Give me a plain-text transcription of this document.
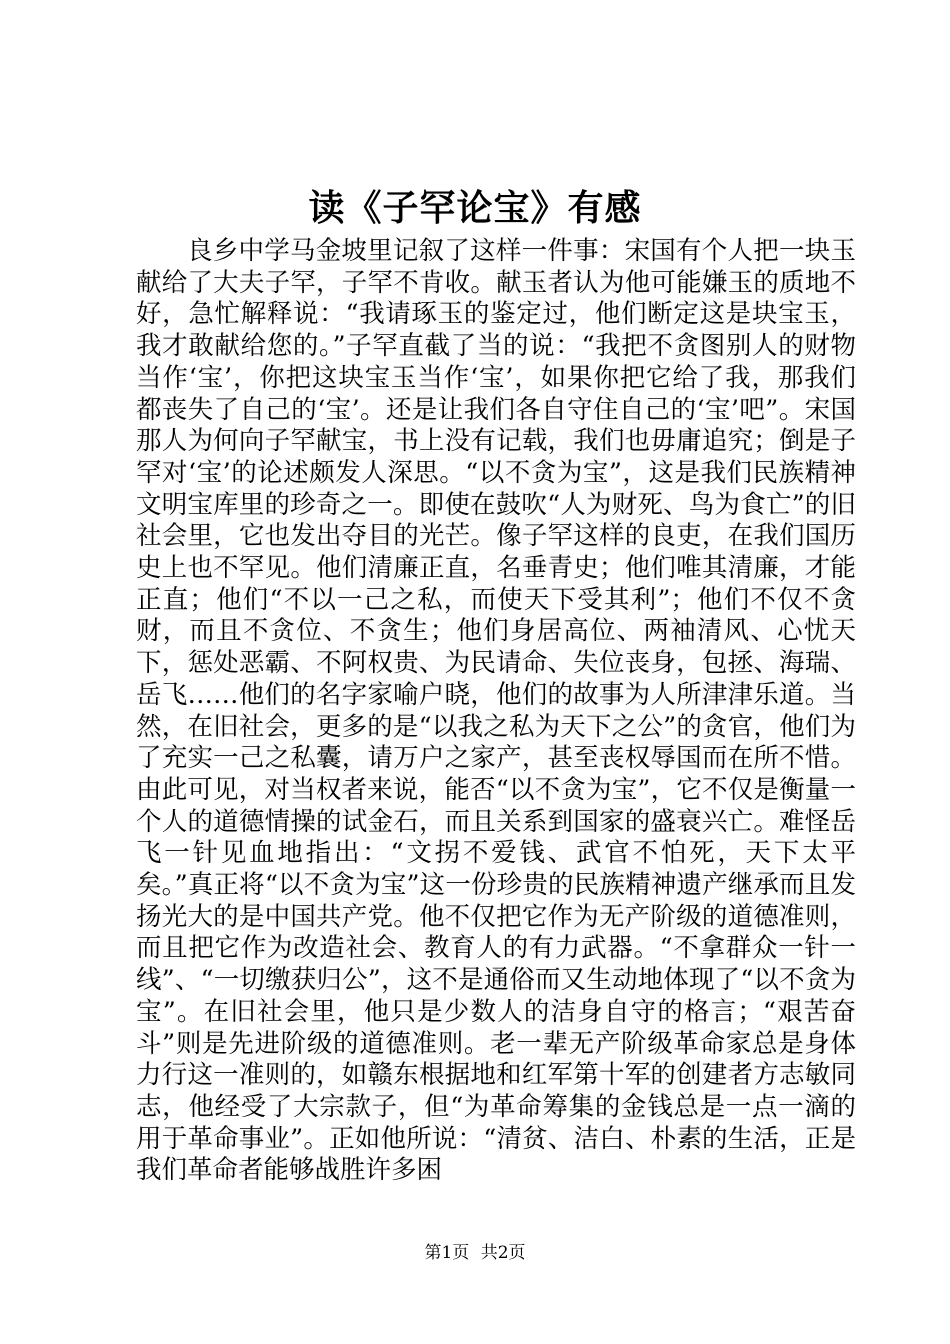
读《子罕论宝》有感

良乡中学马金坡里记叙了这样一件事：宋国有个人把一块玉献给了大夫子罕，子罕不肯收。献玉者认为他可能嫌玉的质地不好，急忙解释说：“我请琢玉的鉴定过，他们断定这是块宝玉，我才敢献给您的。”子罕直截了当的说：“我把不贪图别人的财物当作‘宝’，你把这块宝玉当作‘宝’，如果你把它给了我，那我们都丧失了自己的‘宝’。还是让我们各自守住自己的‘宝’吧”。宋国那人为何向子罕献宝，书上没有记载，我们也毋庸追究；倒是子罕对‘宝’的论述颇发人深思。“以不贪为宝”，这是我们民族精神文明宝库里的珍奇之一。即使在鼓吹“人为财死、鸟为食亡”的旧社会里，它也发出夺目的光芒。像子罕这样的良吏，在我们国历史上也不罕见。他们清廉正直，名垂青史；他们唯其清廉，才能正直；他们“不以一己之私，而使天下受其利”；他们不仅不贪财，而且不贪位、不贪生；他们身居高位、两袖清风、心忧天下，惩处恶霸、不阿权贵、为民请命、失位丧身，包拯、海瑞、岳飞……他们的名字家喻户晓，他们的故事为人所津津乐道。当然，在旧社会，更多的是“以我之私为天下之公”的贪官，他们为了充实一己之私囊，请万户之家产，甚至丧权辱国而在所不惜。由此可见，对当权者来说，能否“以不贪为宝”，它不仅是衡量一个人的道德情操的试金石，而且关系到国家的盛衰兴亡。难怪岳飞一针见血地指出：“文拐不爱钱、武官不怕死，天下太平矣。”真正将“以不贪为宝”这一份珍贵的民族精神遗产继承而且发扬光大的是中国共产党。他不仅把它作为无产阶级的道德准则，而且把它作为改造社会、教育人的有力武器。“不拿群众一针一线”、“一切缴获归公”，这不是通俗而又生动地体现了“以不贪为宝”。在旧社会里，他只是少数人的洁身自守的格言；“艰苦奋斗”则是先进阶级的道德准则。老一辈无产阶级革命家总是身体力行这一准则的，如赣东根据地和红军第十军的创建者方志敏同志，他经受了大宗款子，但“为革命筹集的金钱总是一点一滴的用于革命事业”。正如他所说：“清贫、洁白、朴素的生活，正是我们革命者能够战胜许多困

第1页 共2页
